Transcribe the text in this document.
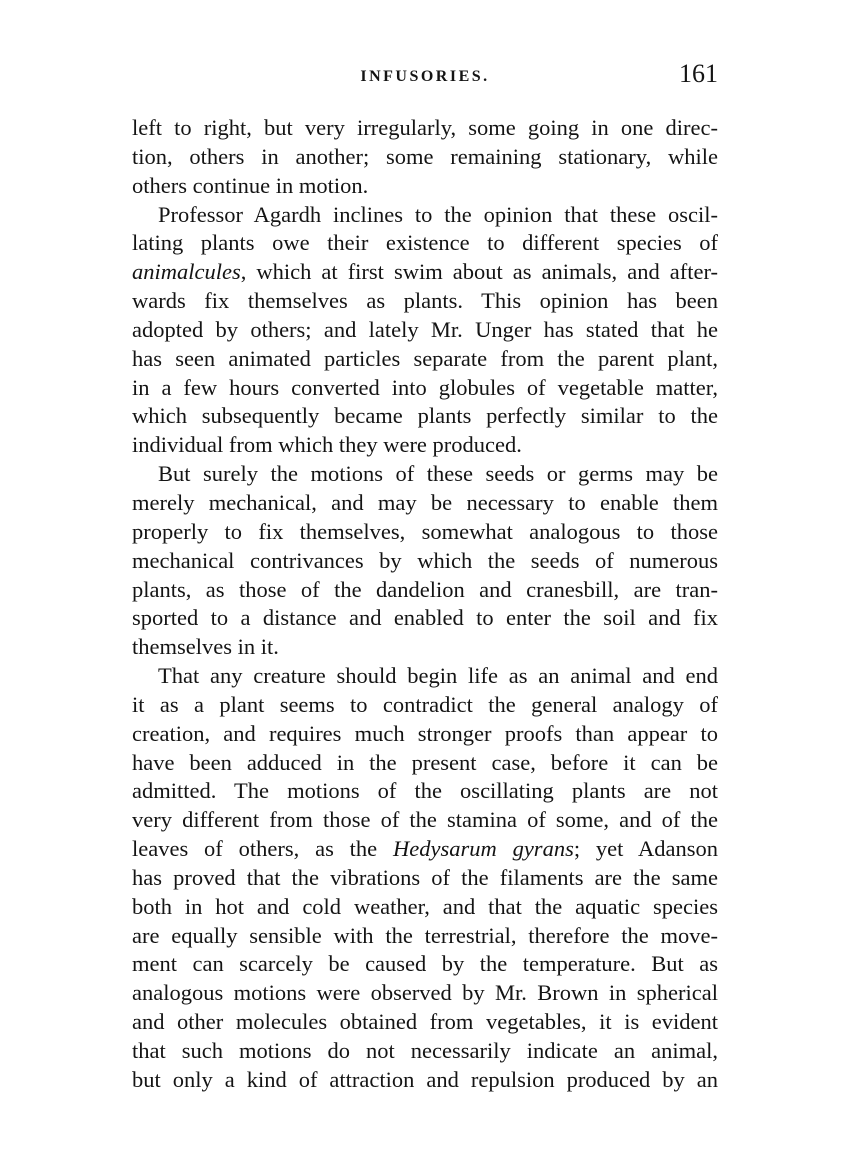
INFUSORIES.	161
left to right, but very irregularly, some going in one direc-
tion, others in another; some remaining stationary, while
others continue in motion.
Professor Agardh inclines to the opinion that these oscil-
lating plants owe their existence to different species of
animalcules, which at first swim about as animals, and after-
wards fix themselves as plants. This opinion has been
adopted by others; and lately Mr. Unger has stated that he
has seen animated particles separate from the parent plant,
in a few hours converted into globules of vegetable matter,
which subsequently became plants perfectly similar to the
individual from which they were produced.
But surely the motions of these seeds or germs may be
merely mechanical, and may be necessary to enable them
properly to fix themselves, somewhat analogous to those
mechanical contrivances by which the seeds of numerous
plants, as those of the dandelion and cranesbill, are tran-
sported to a distance and enabled to enter the soil and fix
themselves in it.
That any creature should begin life as an animal and end
it as a plant seems to contradict the general analogy of
creation, and requires much stronger proofs than appear to
have been adduced in the present case, before it can be
admitted. The motions of the oscillating plants are not
very different from those of the stamina of some, and of the
leaves of others, as the Hedysarum gyrans; yet Adanson
has proved that the vibrations of the filaments are the same
both in hot and cold weather, and that the aquatic species
are equally sensible with the terrestrial, therefore the move-
ment can scarcely be caused by the temperature. But as
analogous motions were observed by Mr. Brown in spherical
and other molecules obtained from vegetables, it is evident
that such motions do not necessarily indicate an animal,
but only a kind of attraction and repulsion produced by an
